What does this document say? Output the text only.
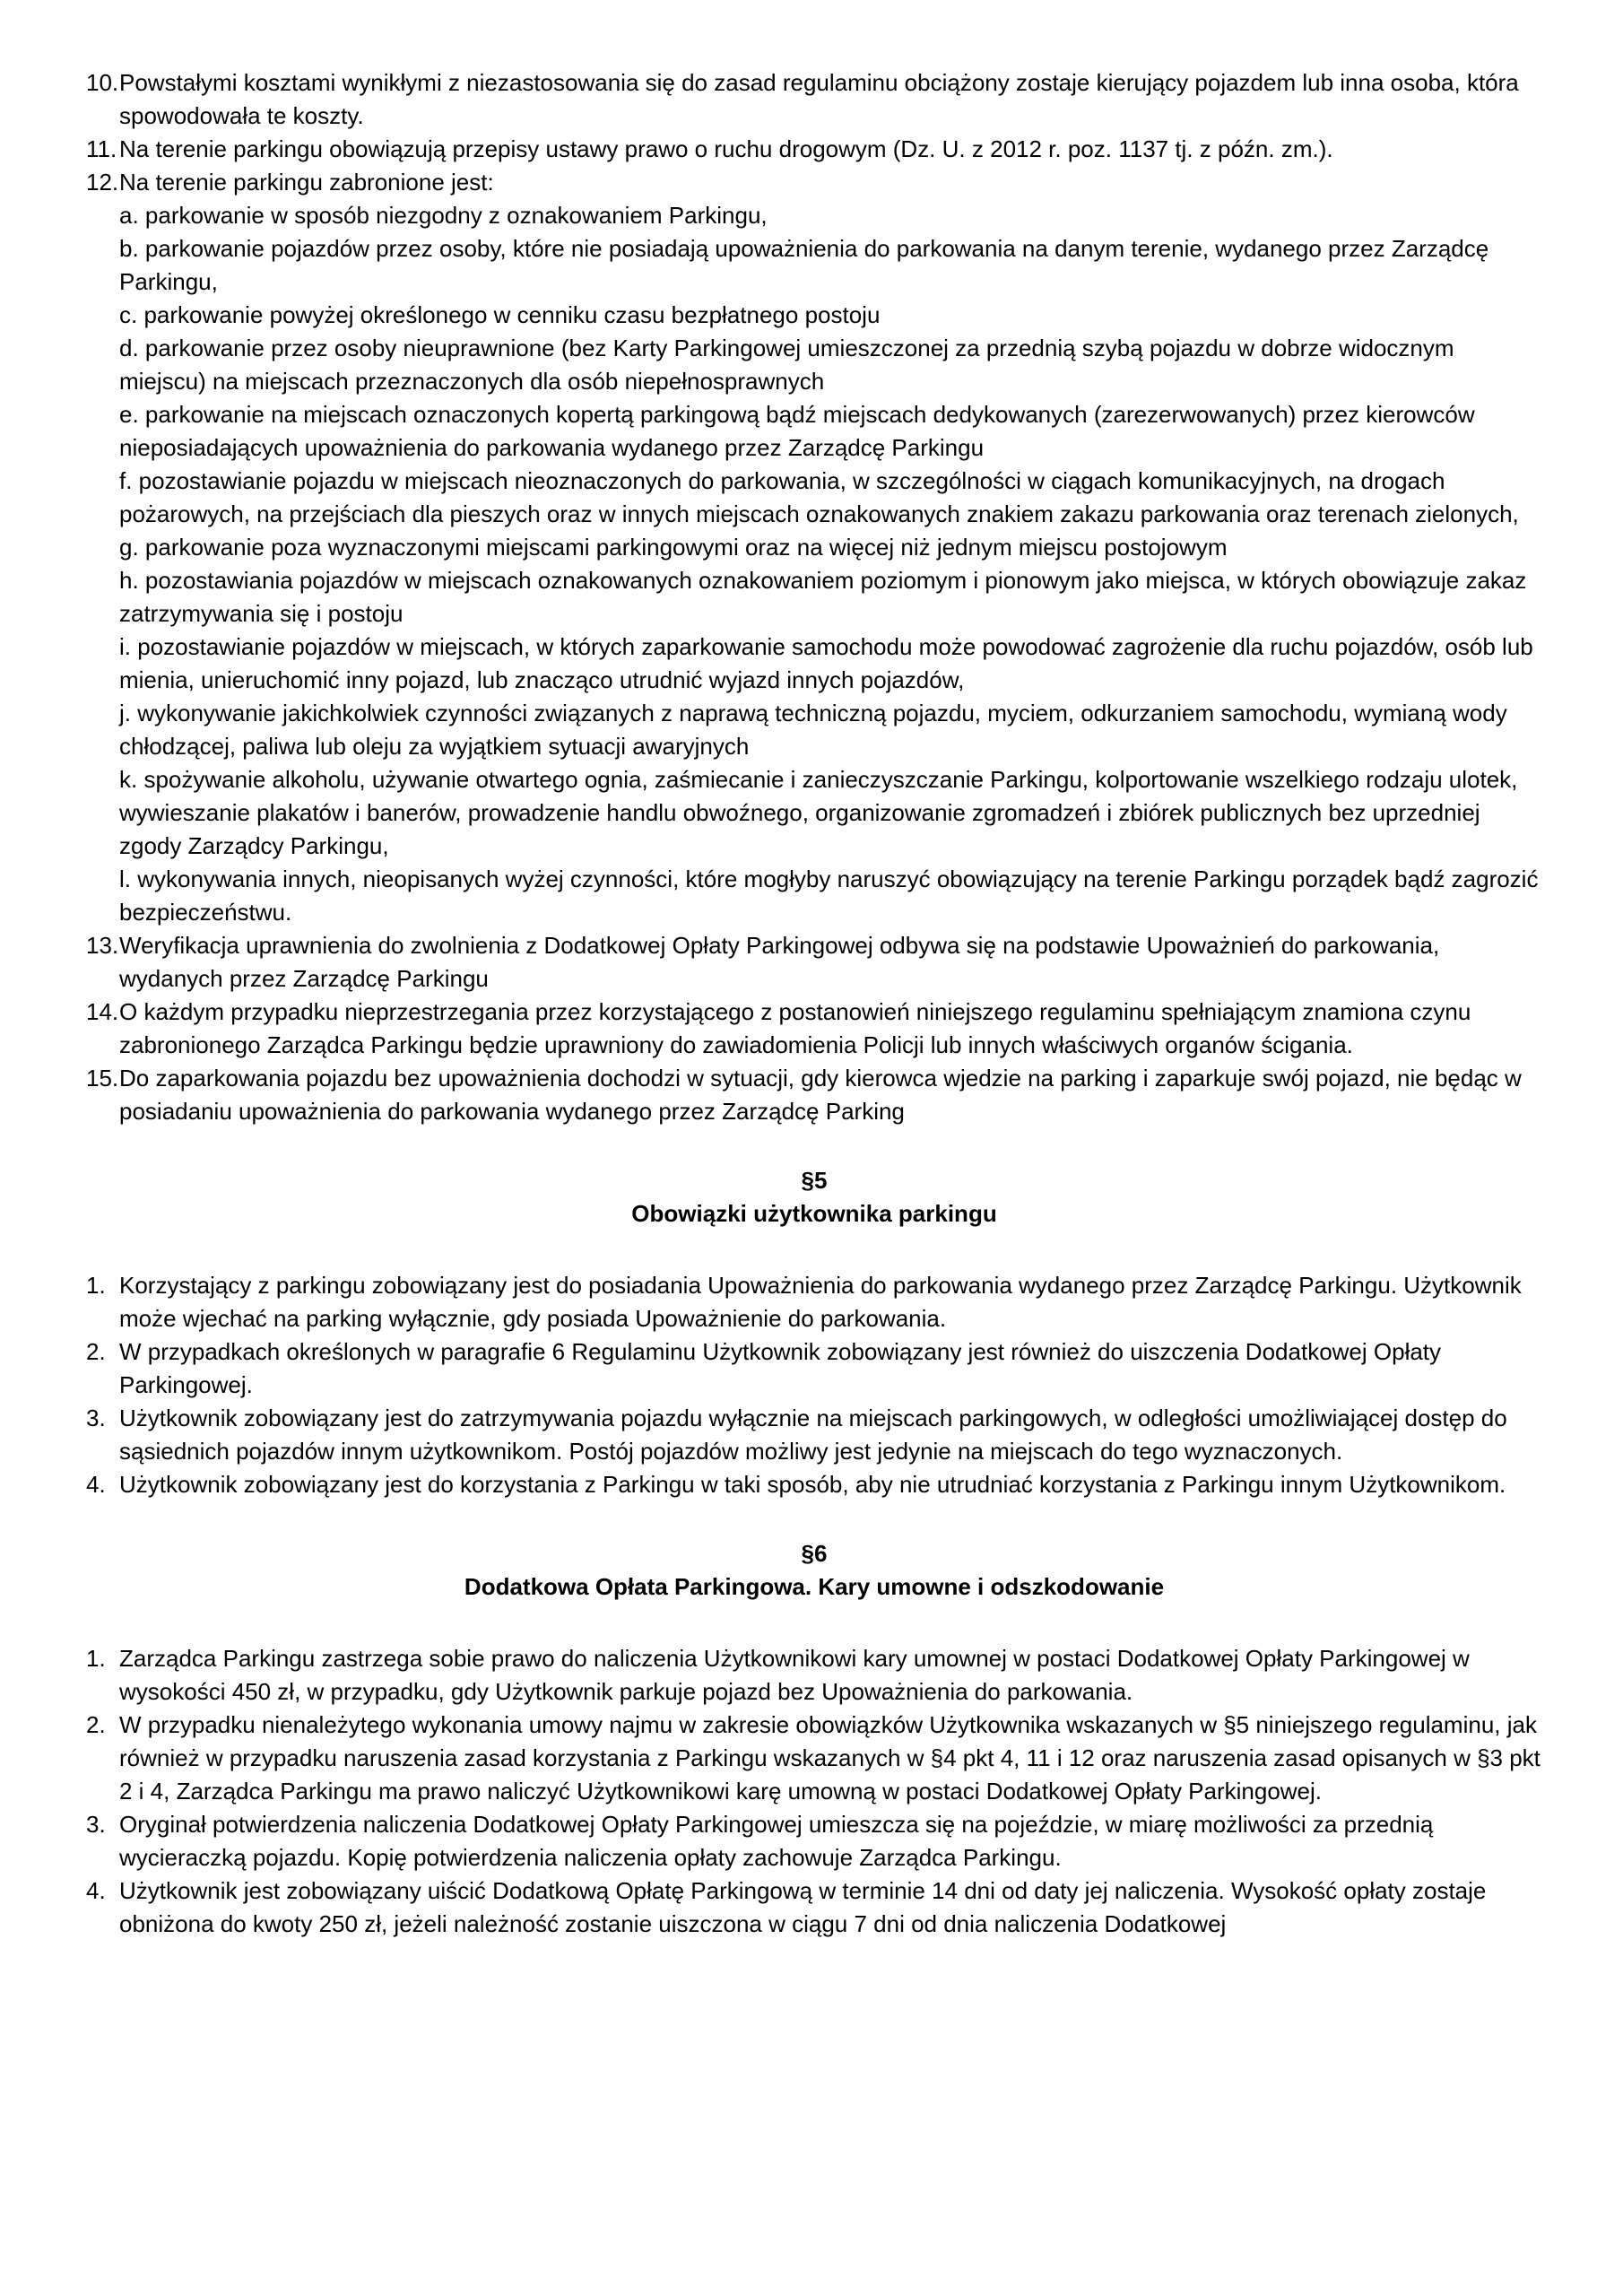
10. Powstałymi kosztami wynikłymi z niezastosowania się do zasad regulaminu obciążony zostaje kierujący pojazdem lub inna osoba, która spowodowała te koszty.
11. Na terenie parkingu obowiązują przepisy ustawy prawo o ruchu drogowym (Dz. U. z 2012 r. poz. 1137 tj. z późn. zm.).
12. Na terenie parkingu zabronione jest:
a. parkowanie w sposób niezgodny z oznakowaniem Parkingu,
b. parkowanie pojazdów przez osoby, które nie posiadają upoważnienia do parkowania na danym terenie, wydanego przez Zarządcę Parkingu,
c. parkowanie powyżej określonego w cenniku czasu bezpłatnego postoju
d. parkowanie przez osoby nieuprawnione (bez Karty Parkingowej umieszczonej za przednią szybą pojazdu w dobrze widocznym miejscu) na miejscach przeznaczonych dla osób niepełnosprawnych
e. parkowanie na miejscach oznaczonych kopertą parkingową bądź miejscach dedykowanych (zarezerwowanych) przez kierowców nieposiadających upoważnienia do parkowania wydanego przez Zarządcę Parkingu
f. pozostawianie pojazdu w miejscach nieoznaczonych do parkowania, w szczególności w ciągach komunikacyjnych, na drogach pożarowych, na przejściach dla pieszych oraz w innych miejscach oznakowanych znakiem zakazu parkowania oraz terenach zielonych,
g. parkowanie poza wyznaczonymi miejscami parkingowymi oraz na więcej niż jednym miejscu postojowym
h. pozostawiania pojazdów w miejscach oznakowanych oznakowaniem poziomym i pionowym jako miejsca, w których obowiązuje zakaz zatrzymywania się i postoju
i. pozostawianie pojazdów w miejscach, w których zaparkowanie samochodu może powodować zagrożenie dla ruchu pojazdów, osób lub mienia, unieruchomić inny pojazd, lub znacząco utrudnić wyjazd innych pojazdów,
j. wykonywanie jakichkolwiek czynności związanych z naprawą techniczną pojazdu, myciem, odkurzaniem samochodu, wymianą wody chłodzącej, paliwa lub oleju za wyjątkiem sytuacji awaryjnych
k. spożywanie alkoholu, używanie otwartego ognia, zaśmiecanie i zanieczyszczanie Parkingu, kolportowanie wszelkiego rodzaju ulotek, wywieszanie plakatów i banerów, prowadzenie handlu obwoźnego, organizowanie zgromadzeń i zbiórek publicznych bez uprzedniej zgody Zarządcy Parkingu,
l. wykonywania innych, nieopisanych wyżej czynności, które mogłyby naruszyć obowiązujący na terenie Parkingu porządek bądź zagrozić bezpieczeństwu.
13. Weryfikacja uprawnienia do zwolnienia z Dodatkowej Opłaty Parkingowej odbywa się na podstawie Upoważnień do parkowania, wydanych przez Zarządcę Parkingu
14. O każdym przypadku nieprzestrzegania przez korzystającego z postanowień niniejszego regulaminu spełniającym znamiona czynu zabronionego Zarządca Parkingu będzie uprawniony do zawiadomienia Policji lub innych właściwych organów ścigania.
15. Do zaparkowania pojazdu bez upoważnienia dochodzi w sytuacji, gdy kierowca wjedzie na parking i zaparkuje swój pojazd, nie będąc w posiadaniu upoważnienia do parkowania wydanego przez Zarządcę Parking
§5
Obowiązki użytkownika parkingu
1. Korzystający z parkingu zobowiązany jest do posiadania Upoważnienia do parkowania wydanego przez Zarządcę Parkingu. Użytkownik może wjechać na parking wyłącznie, gdy posiada Upoważnienie do parkowania.
2. W przypadkach określonych w paragrafie 6 Regulaminu Użytkownik zobowiązany jest również do uiszczenia Dodatkowej Opłaty Parkingowej.
3. Użytkownik zobowiązany jest do zatrzymywania pojazdu wyłącznie na miejscach parkingowych, w odległości umożliwiającej dostęp do sąsiednich pojazdów innym użytkownikom. Postój pojazdów możliwy jest jedynie na miejscach do tego wyznaczonych.
4. Użytkownik zobowiązany jest do korzystania z Parkingu w taki sposób, aby nie utrudniać korzystania z Parkingu innym Użytkownikom.
§6
Dodatkowa Opłata Parkingowa. Kary umowne i odszkodowanie
1. Zarządca Parkingu zastrzega sobie prawo do naliczenia Użytkownikowi kary umownej w postaci Dodatkowej Opłaty Parkingowej w wysokości 450 zł, w przypadku, gdy Użytkownik parkuje pojazd bez Upoważnienia do parkowania.
2. W przypadku nienależytego wykonania umowy najmu w zakresie obowiązków Użytkownika wskazanych w §5 niniejszego regulaminu, jak również w przypadku naruszenia zasad korzystania z Parkingu wskazanych w §4 pkt 4, 11 i 12 oraz naruszenia zasad opisanych w §3 pkt 2 i 4, Zarządca Parkingu ma prawo naliczyć Użytkownikowi karę umowną w postaci Dodatkowej Opłaty Parkingowej.
3. Oryginał potwierdzenia naliczenia Dodatkowej Opłaty Parkingowej umieszcza się na pojeździe, w miarę możliwości za przednią wycieraczką pojazdu. Kopię potwierdzenia naliczenia opłaty zachowuje Zarządca Parkingu.
4. Użytkownik jest zobowiązany uiścić Dodatkową Opłatę Parkingową w terminie 14 dni od daty jej naliczenia. Wysokość opłaty zostaje obniżona do kwoty 250 zł, jeżeli należność zostanie uiszczona w ciągu 7 dni od dnia naliczenia Dodatkowej
